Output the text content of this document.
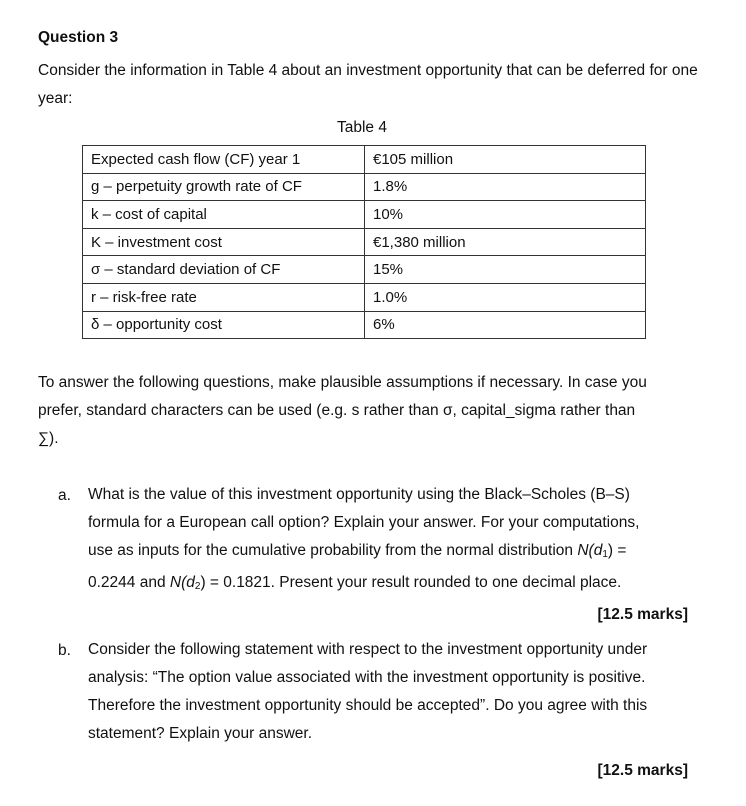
Question 3
Consider the information in Table 4 about an investment opportunity that can be deferred for one year:
Table 4
Expected cash flow (CF) year 1	€105 million
g – perpetuity growth rate of CF	1.8%
k – cost of capital	10%
K – investment cost	€1,380 million
σ – standard deviation of CF	15%
r – risk-free rate	1.0%
δ – opportunity cost	6%
To answer the following questions, make plausible assumptions if necessary. In case you
prefer, standard characters can be used (e.g. s rather than σ, capital_sigma rather than
∑).
a. What is the value of this investment opportunity using the Black–Scholes (B–S)
formula for a European call option? Explain your answer. For your computations,
use as inputs for the cumulative probability from the normal distribution $N(d_1)$ =
0.2244 and $N(d_2) = 0.1821$. Present your result rounded to one decimal place.
[12.5 marks]
b. Consider the following statement with respect to the investment opportunity under
analysis: “The option value associated with the investment opportunity is positive.
Therefore the investment opportunity should be accepted”. Do you agree with this
statement? Explain your answer.
[12.5 marks]
